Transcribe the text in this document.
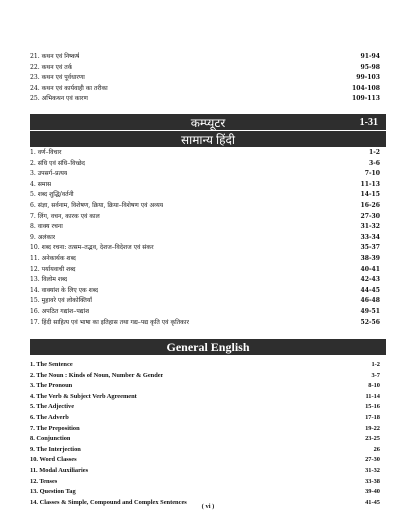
21. कथन एवं निष्कर्ष	91-94
22. कथन एवं तर्क	95-98
23. कथन एवं पूर्वधारणा	99-103
24. कथन एवं कार्यवाही का तरीका	104-108
25. अभिकथन एवं कारण	109-113
कम्प्यूटर	1-31
सामान्य हिंदी
1. वर्ण–विचार	1-2
2. संधि एवं संधि–विच्छेद	3-6
3. उपसर्ग–प्रत्यय	7-10
4. समास	11-13
5. शब्द शुद्धि/वर्तनी	14-15
6. संज्ञा, सर्वनाम, विशेषण, क्रिया, क्रिया–विशेषण एवं अव्यय	16-26
7. लिंग, वचन, कारक एवं काल	27-30
8. वाक्य रचना	31-32
9. अलंकार	33-34
10. शब्द रचना: तत्सम–तद्भव, देशज–विदेशज एवं संकर	35-37
11. अनेकार्थक शब्द	38-39
12. पर्यायवाची शब्द	40-41
13. विलोम शब्द	42-43
14. वाक्यांश के लिए एक शब्द	44-45
15. मुहावरे एवं लोकोक्तियाँ	46-48
16. अपठित गद्यांश–पद्यांश	49-51
17. हिंदी साहित्य एवं भाषा का इतिहास तथा गद्य–पद्य कृति एवं कृतिकार	52-56
General English
1. The Sentence	1-2
2. The Noun : Kinds of Noun, Number & Gender	3-7
3. The Pronoun	8-10
4. The Verb & Subject Verb Agreement	11-14
5. The Adjective	15-16
6. The Adverb	17-18
7. The Preposition	19-22
8. Conjunction	23-25
9. The Interjection	26
10. Word Classes	27-30
11. Modal Auxiliaries	31-32
12. Tenses	33-38
13. Question Tag	39-40
14. Classes & Simple, Compound and Complex Sentences	41-45
( vi )
